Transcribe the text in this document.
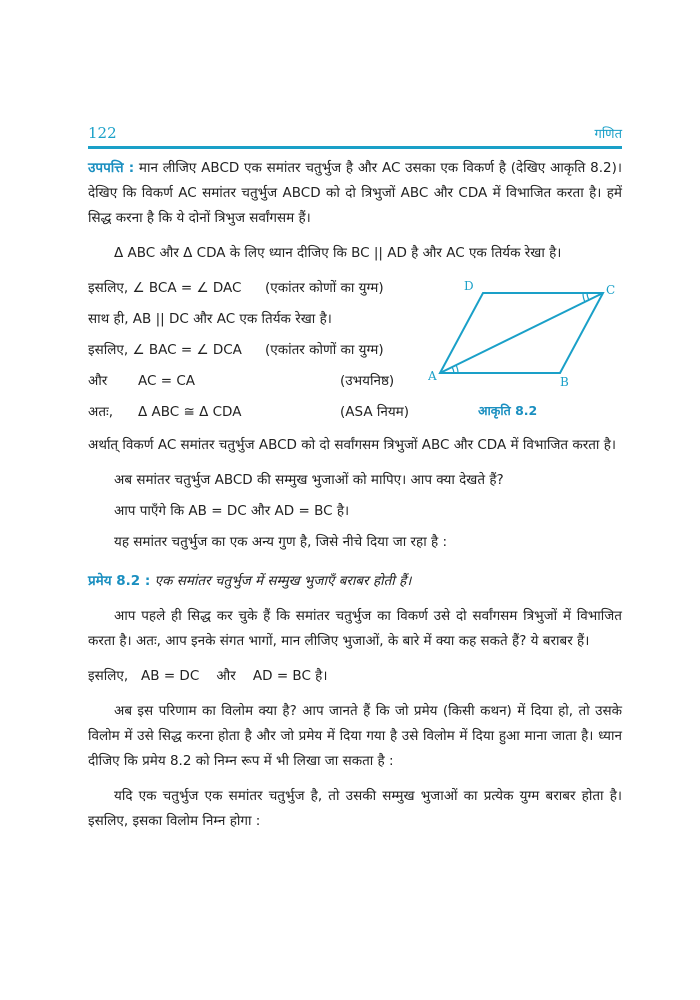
122	गणित

उपपत्ति : मान लीजिए ABCD एक समांतर चतुर्भुज है और AC उसका एक विकर्ण है (देखिए आकृति 8.2)। देखिए कि विकर्ण AC समांतर चतुर्भुज ABCD को दो त्रिभुजों ABC और CDA में विभाजित करता है। हमें सिद्ध करना है कि ये दोनों त्रिभुज सर्वांगसम हैं।

Δ ABC और Δ CDA के लिए ध्यान दीजिए कि BC || AD है और AC एक तिर्यक रेखा है।

इसलिए, ∠ BCA = ∠ DAC (एकांतर कोणों का युग्म)
साथ ही, AB || DC और AC एक तिर्यक रेखा है।
इसलिए, ∠ BAC = ∠ DCA (एकांतर कोणों का युग्म)
और AC = CA	(उभयनिष्ठ)
अतः, Δ ABC ≅ Δ CDA	(ASA नियम)

अर्थात् विकर्ण AC समांतर चतुर्भुज ABCD को दो सर्वांगसम त्रिभुजों ABC और CDA में विभाजित करता है।

अब समांतर चतुर्भुज ABCD की सम्मुख भुजाओं को मापिए। आप क्या देखते हैं?

आप पाएँगे कि AB = DC और AD = BC है।

यह समांतर चतुर्भुज का एक अन्य गुण है, जिसे नीचे दिया जा रहा है :

प्रमेय 8.2 : एक समांतर चतुर्भुज में सम्मुख भुजाएँ बराबर होती हैं।

आप पहले ही सिद्ध कर चुके हैं कि समांतर चतुर्भुज का विकर्ण उसे दो सर्वांगसम त्रिभुजों में विभाजित करता है। अतः, आप इनके संगत भागों, मान लीजिए भुजाओं, के बारे में क्या कह सकते हैं? ये बराबर हैं।

इसलिए,   AB = DC    और    AD = BC है।

अब इस परिणाम का विलोम क्या है? आप जानते हैं कि जो प्रमेय (किसी कथन) में दिया हो, तो उसके विलोम में उसे सिद्ध करना होता है और जो प्रमेय में दिया गया है उसे विलोम में दिया हुआ माना जाता है। ध्यान दीजिए कि प्रमेय 8.2 को निम्न रूप में भी लिखा जा सकता है :

यदि एक चतुर्भुज एक समांतर चतुर्भुज है, तो उसकी सम्मुख भुजाओं का प्रत्येक युग्म बराबर होता है। इसलिए, इसका विलोम निम्न होगा :

A	B
C
D
आकृति 8.2
